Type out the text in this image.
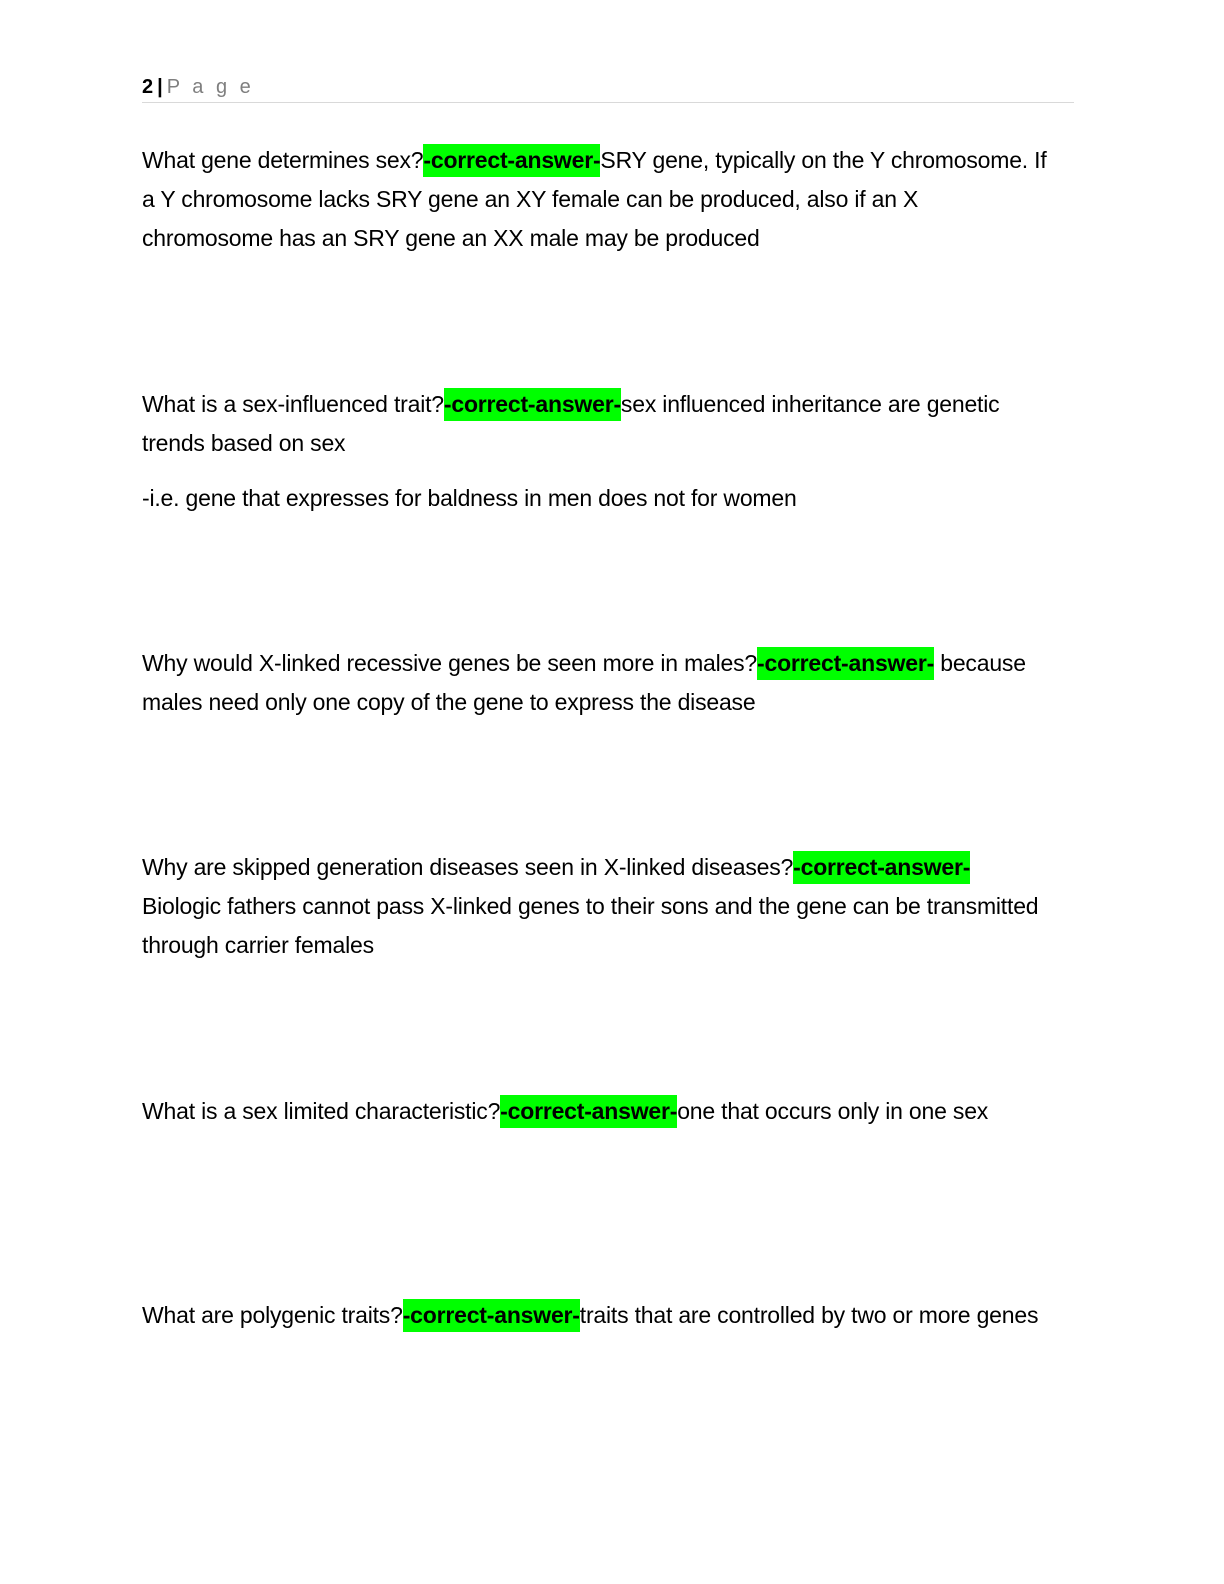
2 | P a g e

What gene determines sex?-correct-answer-SRY gene, typically on the Y chromosome. If a Y chromosome lacks SRY gene an XY female can be produced, also if an X chromosome has an SRY gene an XX male may be produced

What is a sex-influenced trait?-correct-answer-sex influenced inheritance are genetic trends based on sex

-i.e. gene that expresses for baldness in men does not for women

Why would X-linked recessive genes be seen more in males?-correct-answer- because males need only one copy of the gene to express the disease

Why are skipped generation diseases seen in X-linked diseases?-correct-answer- Biologic fathers cannot pass X-linked genes to their sons and the gene can be transmitted through carrier females

What is a sex limited characteristic?-correct-answer-one that occurs only in one sex

What are polygenic traits?-correct-answer-traits that are controlled by two or more genes
